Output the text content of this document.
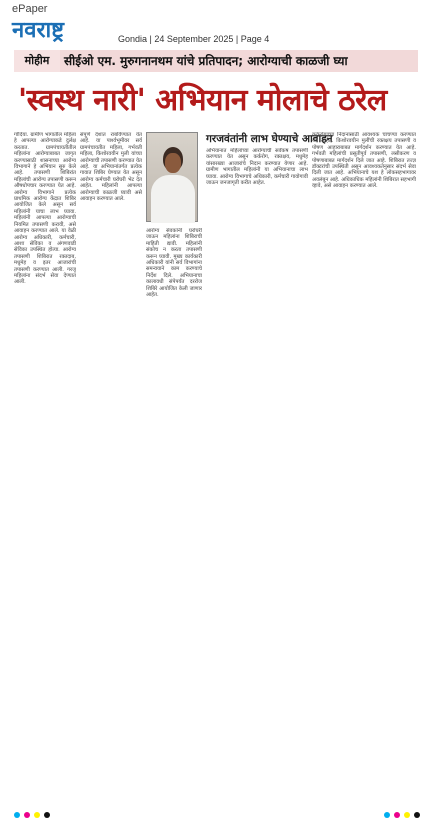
ePaper
नवराष्ट्र	Gondia | 24 September 2025 | Page 4
मोहीम	सीईओ एम. मुरुगनानथम यांचे प्रतिपादन; आरोग्याची काळजी घ्या
'स्वस्थ नारी' अभियान मोलाचे ठरेल

गोंदिया. ग्रामीण भागातील महिला हे आपल्या आरोग्याकडे दुर्लक्ष करतात. ग्रामपंचायतीतील महिलांना आरोग्याबाबत जागृत करण्यासाठी शासनाच्या आरोग्य विभागाने हे अभियान सुरु केले आहे. तपासणी शिबिरांत महिलांची आरोग्य तपासणी करून औषधोपचार करण्यात येत आहे. आरोग्य विभागाने प्रत्येक प्राथमिक आरोग्य केंद्रात शिबिर आयोजित केले असून सर्व महिलांनी याचा लाभ घ्यावा. महिलांनी आपल्या आरोग्याची नियमित तपासणी करावी, असे आवाहन करण्यात आले. या वेळी आरोग्य अधिकारी, कर्मचारी, आशा सेविका व अंगणवाडी सेविका उपस्थित होत्या. आरोग्य तपासणी शिबिरात रक्तदाब, मधुमेह व इतर आजारांची तपासणी करण्यात आली. गरजू महिलांना संदर्भ सेवा देण्यात आली.

संपूर्ण देशात राबविण्यात येत आहे. या पार्श्वभूमीवर सर्व ग्रामपंचायतीत महिला, गर्भवती महिला, किशोरवयीन मुली यांच्या आरोग्याची तपासणी करण्यात येत आहे. या अभियानांतर्गत प्रत्येक गावात शिबिर घेण्यात येत असून आरोग्य कर्मचारी घरोघरी भेट देत आहेत. महिलांनी आपल्या आरोग्याची काळजी घ्यावी असे आवाहन करण्यात आले.

गरजवंतांनी लाभ घेण्याचे आवाहन

अभियानात महिलांच्या आरोग्याची सर्वंकष तपासणी करण्यात येत असून कर्करोग, रक्तक्षय, मधुमेह यांसारख्या आजारांचे निदान करण्यात येणार आहे. ग्रामीण भागातील महिलांनी या अभियानाचा लाभ घ्यावा. आरोग्य विभागाचे अधिकारी, कर्मचारी गावोगावी जाऊन जनजागृती करीत आहेत.

कर्करोगाच्या निदानासाठी आवश्यक चाचण्या करण्यात येत आहेत. किशोरवयीन मुलींची रक्तक्षय तपासणी व पोषण आहाराबाबत मार्गदर्शन करण्यात येत आहे. गर्भवती महिलांची प्रसूतीपूर्व तपासणी, लसीकरण व पोषणाबाबत मार्गदर्शन दिले जात आहे. शिबिरात तज्ज्ञ डॉक्टरांची उपस्थिती असून आवश्यकतेनुसार संदर्भ सेवा दिली जात आहे. अभियानाचे यश हे लोकसहभागावर अवलंबून आहे. अधिकाधिक महिलांनी शिबिरात सहभागी व्हावे, असे आवाहन करण्यात आले.

आरोग्य सेवकांनी घरोघरी जाऊन महिलांना शिबिराची माहिती द्यावी. महिलांनी संकोच न करता तपासणी करून घ्यावी. मुख्य कार्यकारी अधिकारी यांनी सर्व विभागांना समन्वयाने काम करण्याचे निर्देश दिले. अभियानाचा कालावधी संपेपर्यंत दररोज शिबिरे आयोजित केली जाणार आहेत.
